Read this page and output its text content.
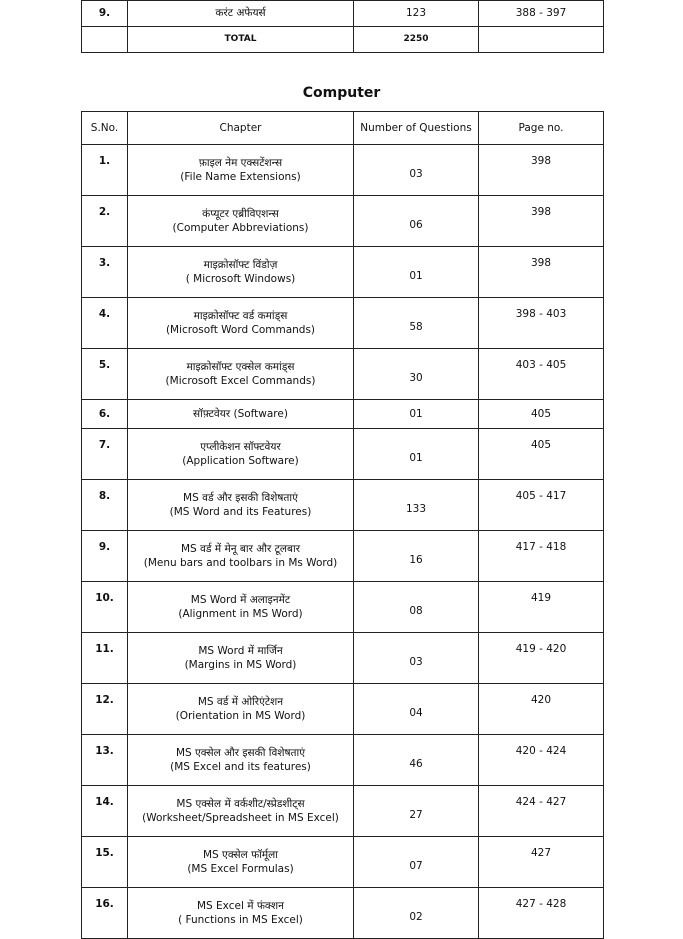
9.	करंट अफेयर्स	123	388 - 397
	TOTAL	2250	
Computer
S.No.	Chapter	Number of Questions	Page no.
1.	फ़ाइल नेम एक्सटेंशन्स
(File Name Extensions)	03	398
2.	कंप्यूटर एब्रीविएशन्स
(Computer Abbreviations)	06	398
3.	माइक्रोसॉफ्ट विंडोज़
( Microsoft Windows)	01	398
4.	माइक्रोसॉफ्ट वर्ड कमांड्स
(Microsoft Word Commands)	58	398 - 403
5.	माइक्रोसॉफ्ट एक्सेल कमांड्स
(Microsoft Excel Commands)	30	403 - 405
6.	सॉफ़्टवेयर (Software)	01	405
7.	एप्लीकेशन सॉफ्टवेयर
(Application Software)	01	405
8.	MS वर्ड और इसकी विशेषताएं
(MS Word and its Features)	133	405 - 417
9.	MS वर्ड में मेनू बार और टूलबार
(Menu bars and toolbars in Ms Word)	16	417 - 418
10.	MS Word में अलाइनमेंट
(Alignment in MS Word)	08	419
11.	MS Word में मार्जिन
(Margins in MS Word)	03	419 - 420
12.	MS वर्ड में ओरिएंटेशन
(Orientation in MS Word)	04	420
13.	MS एक्सेल और इसकी विशेषताएं
(MS Excel and its features)	46	420 - 424
14.	MS एक्सेल में वर्कशीट/स्प्रेडशीट्स
(Worksheet/Spreadsheet in MS Excel)	27	424 - 427
15.	MS एक्सेल फॉर्मूला
(MS Excel Formulas)	07	427
16.	MS Excel में फंक्शन
( Functions in MS Excel)	02	427 - 428
